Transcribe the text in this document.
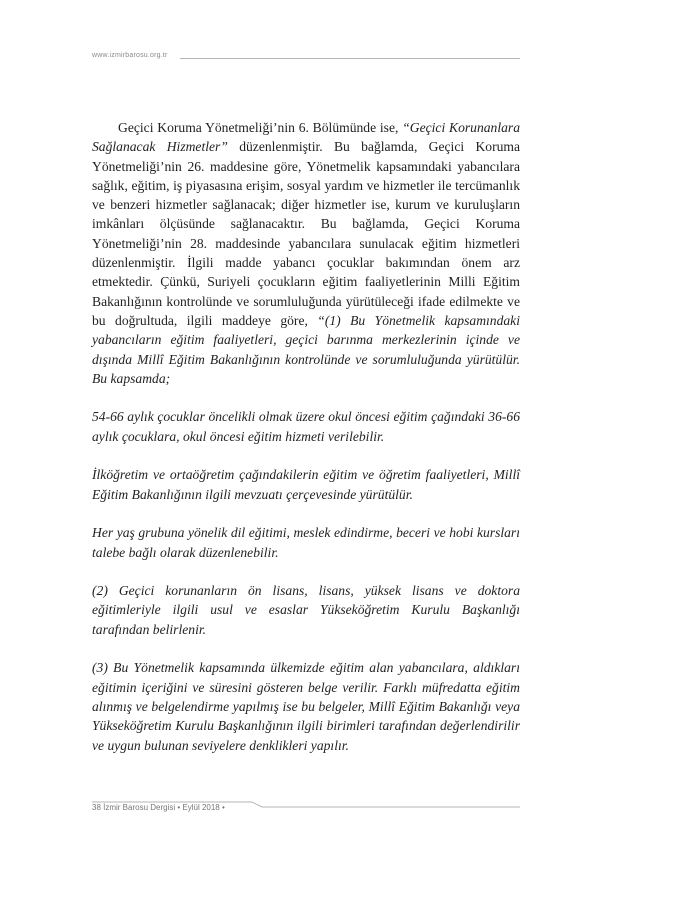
www.izmirbarosu.org.tr

Geçici Koruma Yönetmeliği’nin 6. Bölümünde ise, “Geçici Korunanlara Sağlanacak Hizmetler” düzenlenmiştir. Bu bağlamda, Geçici Koruma Yönetmeliği’nin 26. maddesine göre, Yönetmelik kapsamındaki yabancılara sağlık, eğitim, iş piyasasına erişim, sosyal yardım ve hizmetler ile tercümanlık ve benzeri hizmetler sağlanacak; diğer hizmetler ise, kurum ve kuruluşların imkânları ölçüsünde sağlanacaktır. Bu bağlamda, Geçici Koruma Yönetmeliği’nin 28. maddesinde yabancılara sunulacak eğitim hizmetleri düzenlenmiştir. İlgili madde yabancı çocuklar bakımından önem arz etmektedir. Çünkü, Suriyeli çocukların eğitim faaliyetlerinin Milli Eğitim Bakanlığının kontrolünde ve sorumluluğunda yürütüleceği ifade edilmekte ve bu doğrultuda, ilgili maddeye göre, “(1) Bu Yönetmelik kapsamındaki yabancıların eğitim faaliyetleri, geçici barınma merkezlerinin içinde ve dışında Millî Eğitim Bakanlığının kontrolünde ve sorumluluğunda yürütülür. Bu kapsamda;

54-66 aylık çocuklar öncelikli olmak üzere okul öncesi eğitim çağındaki 36-66 aylık çocuklara, okul öncesi eğitim hizmeti verilebilir.

İlköğretim ve ortaöğretim çağındakilerin eğitim ve öğretim faaliyetleri, Millî Eğitim Bakanlığının ilgili mevzuatı çerçevesinde yürütülür.

Her yaş grubuna yönelik dil eğitimi, meslek edindirme, beceri ve hobi kursları talebe bağlı olarak düzenlenebilir.

(2) Geçici korunanların ön lisans, lisans, yüksek lisans ve doktora eğitimleriyle ilgili usul ve esaslar Yükseköğretim Kurulu Başkanlığı tarafından belirlenir.

(3) Bu Yönetmelik kapsamında ülkemizde eğitim alan yabancılara, aldıkları eğitimin içeriğini ve süresini gösteren belge verilir. Farklı müfredatta eğitim alınmış ve belgelendirme yapılmış ise bu belgeler, Millî Eğitim Bakanlığı veya Yükseköğretim Kurulu Başkanlığının ilgili birimleri tarafından değerlendirilir ve uygun bulunan seviyelere denklikleri yapılır.

38 İzmir Barosu Dergisi • Eylül 2018 •
